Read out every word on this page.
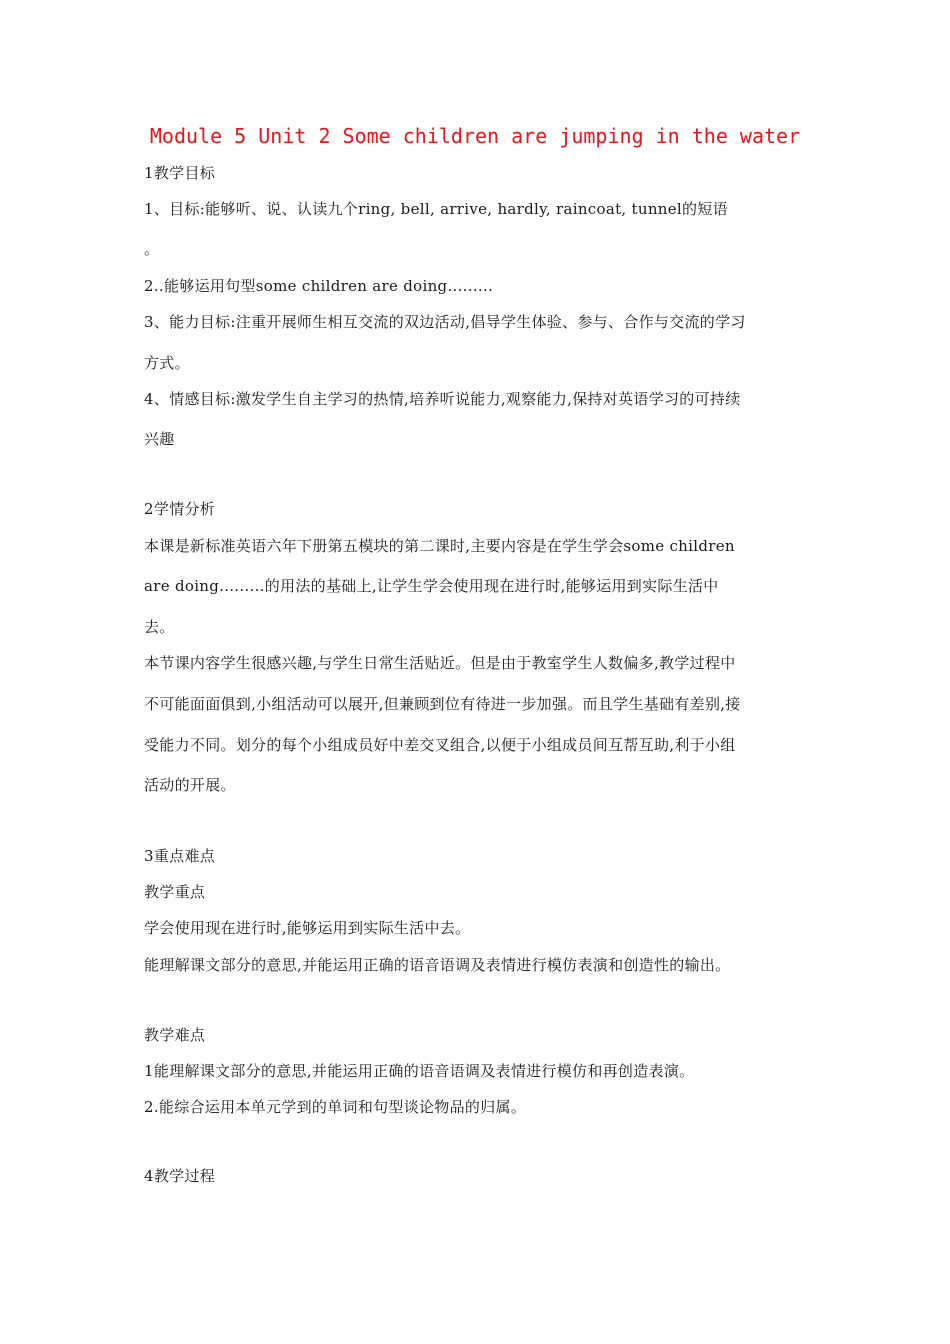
Module 5 Unit 2 Some children are jumping in the water
1教学目标
1、目标:能够听、说、认读九个ring, bell, arrive, hardly, raincoat, tunnel的短语
。
2..能够运用句型some children are doing.........
3、能力目标:注重开展师生相互交流的双边活动,倡导学生体验、参与、合作与交流的学习
方式。
4、情感目标:激发学生自主学习的热情,培养听说能力,观察能力,保持对英语学习的可持续
兴趣
2学情分析
本课是新标准英语六年下册第五模块的第二课时,主要内容是在学生学会some children
are doing.........的用法的基础上,让学生学会使用现在进行时,能够运用到实际生活中
去。
本节课内容学生很感兴趣,与学生日常生活贴近。但是由于教室学生人数偏多,教学过程中
不可能面面俱到,小组活动可以展开,但兼顾到位有待进一步加强。而且学生基础有差别,接
受能力不同。划分的每个小组成员好中差交叉组合,以便于小组成员间互帮互助,利于小组
活动的开展。
3重点难点
教学重点
学会使用现在进行时,能够运用到实际生活中去。
能理解课文部分的意思,并能运用正确的语音语调及表情进行模仿表演和创造性的输出。
教学难点
1能理解课文部分的意思,并能运用正确的语音语调及表情进行模仿和再创造表演。
2.能综合运用本单元学到的单词和句型谈论物品的归属。
4教学过程
